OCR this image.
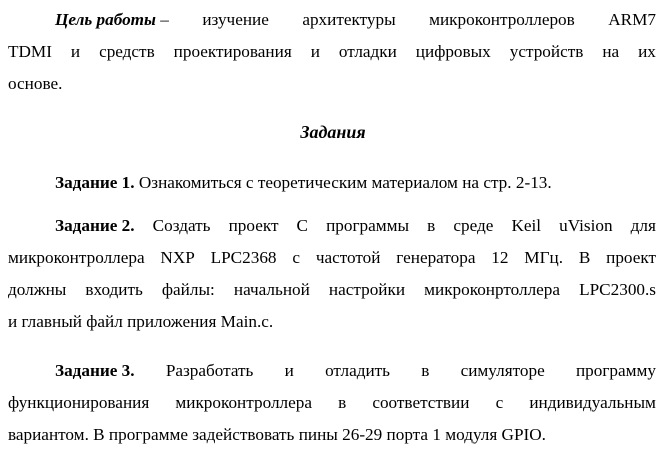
Цель работы – изучение архитектуры микроконтроллеров ARM7
TDMI и средств проектирования и отладки цифровых устройств на их
основе.
Задания
Задание 1. Ознакомиться с теоретическим материалом на стр. 2-13.
Задание 2. Создать проект С программы в среде Keil uVision для
микроконтроллера NXP LPC2368 с частотой генератора 12 МГц. В проект
должны входить файлы: начальной настройки микроконртоллера LPC2300.s
и главный файл приложения Main.c.
Задание 3. Разработать и отладить в симуляторе программу
функционирования микроконтроллера в соответствии с индивидуальным
вариантом. В программе задействовать пины 26-29 порта 1 модуля GPIO.
